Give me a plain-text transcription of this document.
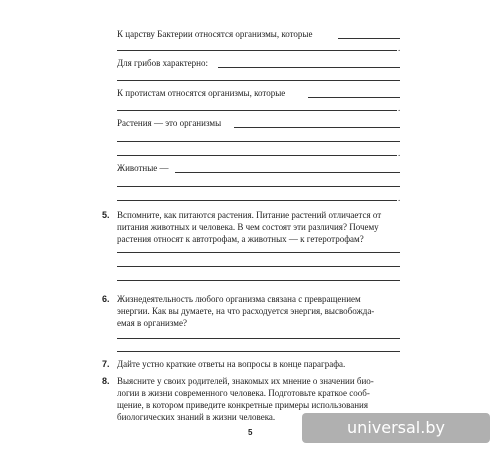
К царству Бактерии относятся организмы, которые
.
Для грибов характерно:
К протистам относятся организмы, которые
.
Растения — это организмы
.
Животные —
.
5. Вспомните, как питаются растения. Питание растений отличается от
питания животных и человека. В чем состоят эти различия? Почему
растения относят к автотрофам, а животных — к гетеротрофам?
6. Жизнедеятельность любого организма связана с превращением
энергии. Как вы думаете, на что расходуется энергия, высвобожда-
емая в организме?
7. Дайте устно краткие ответы на вопросы в конце параграфа.
8. Выясните у своих родителей, знакомых их мнение о значении био-
логии в жизни современного человека. Подготовьте краткое сооб-
щение, в котором приведите конкретные примеры использования
биологических знаний в жизни человека.
5	universal.by
